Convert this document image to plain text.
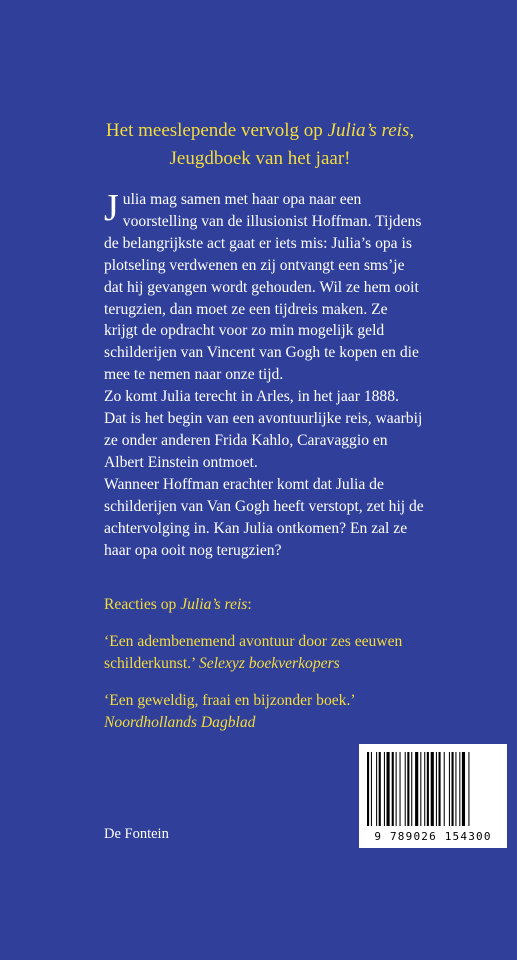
Het meeslepende vervolg op Julia’s reis,
Jeugdboek van het jaar!

Julia mag samen met haar opa naar een voorstelling van de illusionist Hoffman. Tijdens de belangrijkste act gaat er iets mis: Julia’s opa is plotseling verdwenen en zij ontvangt een sms’je dat hij gevangen wordt gehouden. Wil ze hem ooit terugzien, dan moet ze een tijdreis maken. Ze krijgt de opdracht voor zo min mogelijk geld schilderijen van Vincent van Gogh te kopen en die mee te nemen naar onze tijd.

Zo komt Julia terecht in Arles, in het jaar 1888. Dat is het begin van een avontuurlijke reis, waarbij ze onder anderen Frida Kahlo, Caravaggio en Albert Einstein ontmoet.

Wanneer Hoffman erachter komt dat Julia de schilderijen van Van Gogh heeft verstopt, zet hij de achtervolging in. Kan Julia ontkomen? En zal ze haar opa ooit nog terugzien?

Reacties op Julia’s reis:

‘Een adembenemend avontuur door zes eeuwen schilderkunst.’ Selexyz boekverkopers

‘Een geweldig, fraai en bijzonder boek.’ Noordhollands Dagblad

De Fontein	9 789026 154300
